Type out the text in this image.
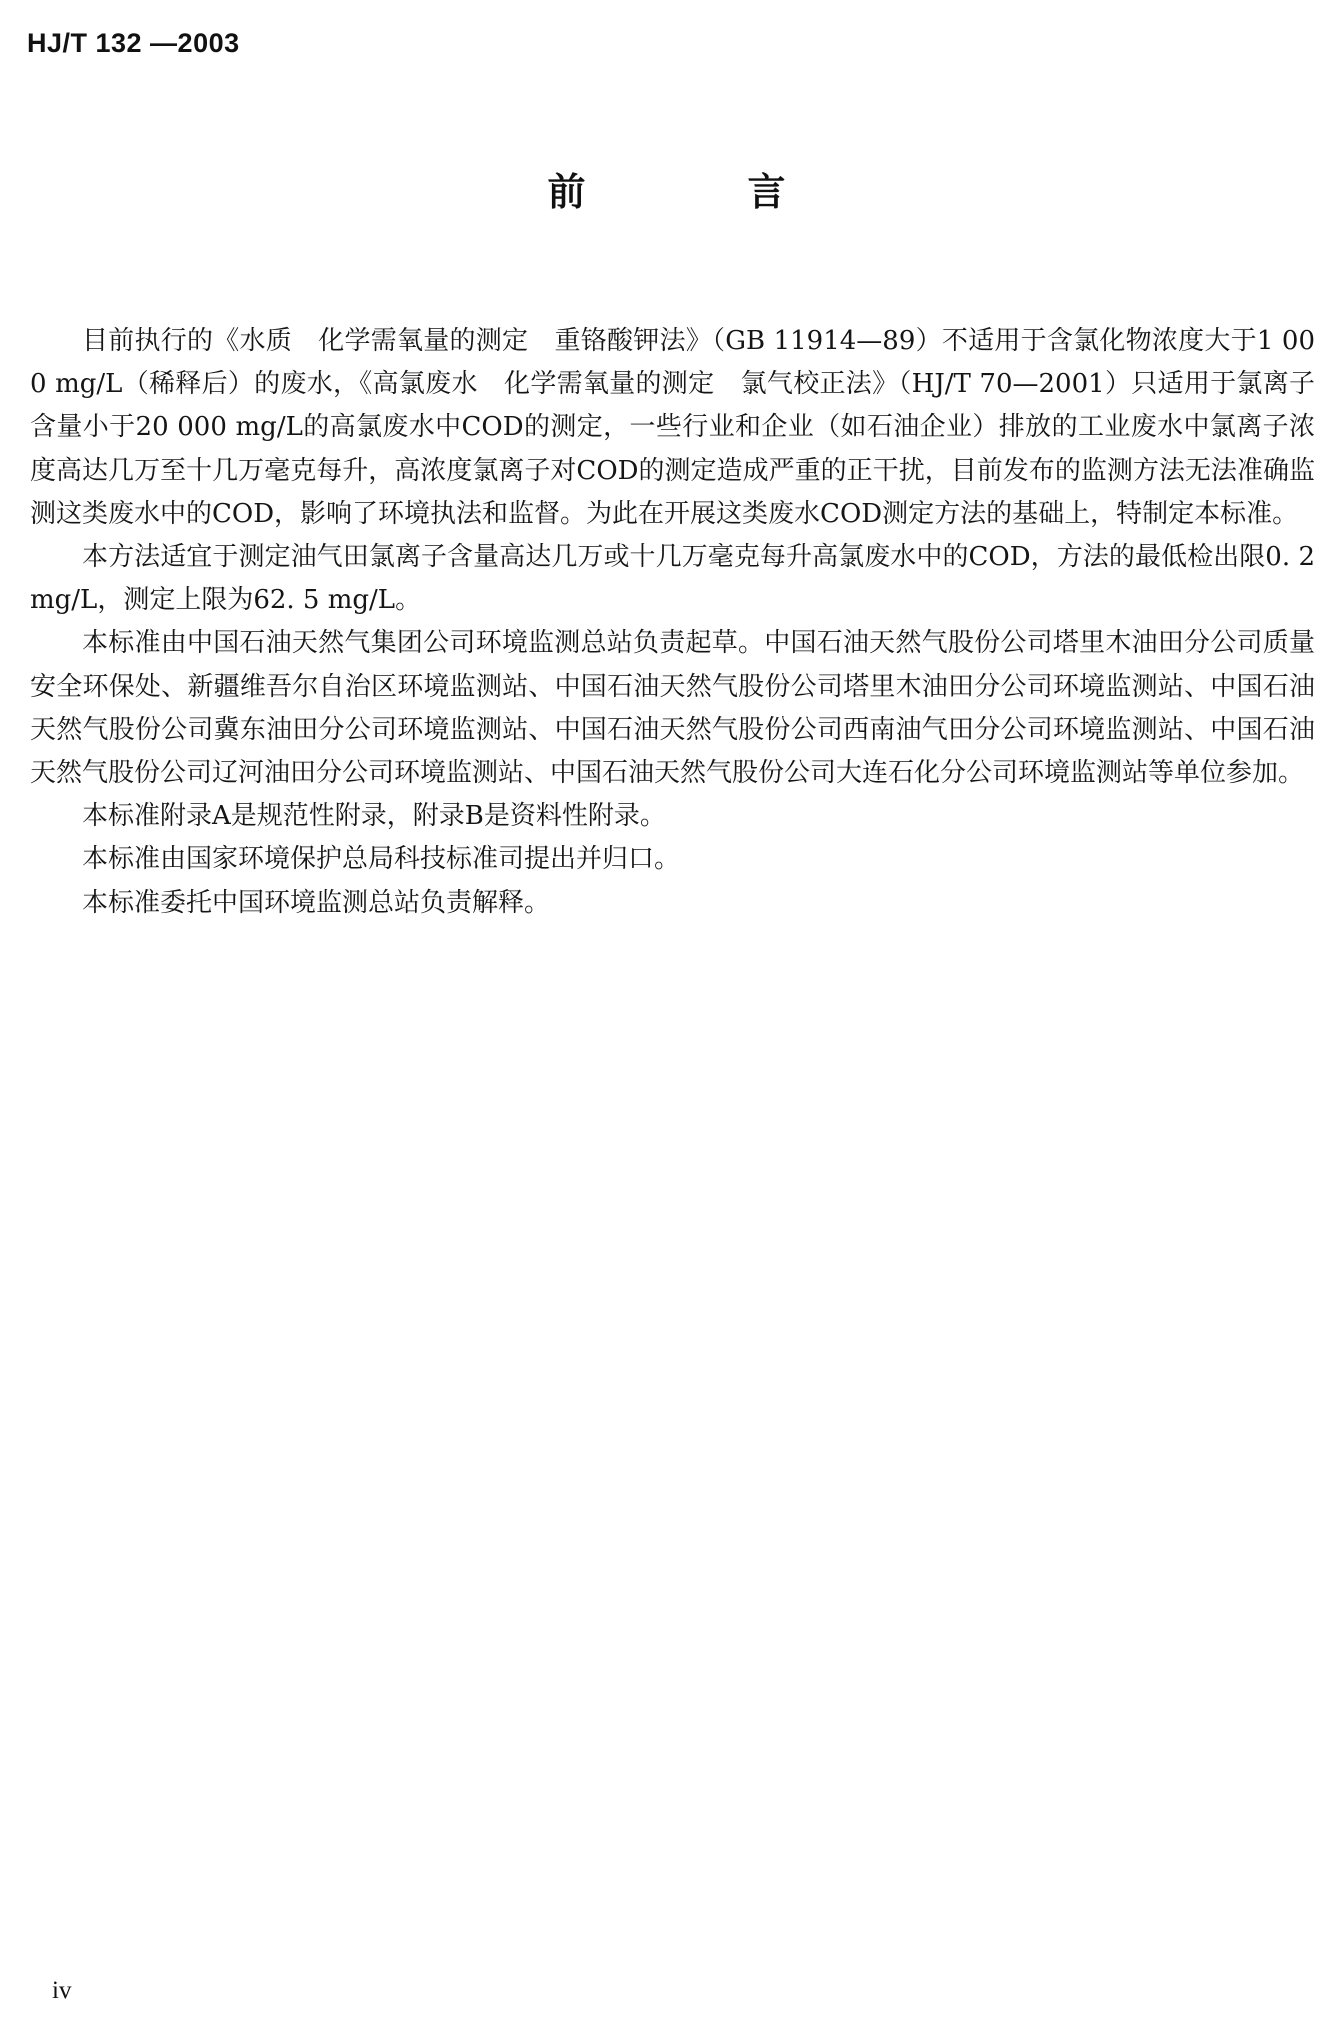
HJ/T 132 —2003
前　　　　言

目前执行的《水质　化学需氧量的测定　重铬酸钾法》（GB 11914—89）不适用于含氯化物浓度大于1 000 mg/L（稀释后）的废水，《高氯废水　化学需氧量的测定　氯气校正法》（HJ/T 70—2001）只适用于氯离子含量小于20 000 mg/L的高氯废水中COD的测定，一些行业和企业（如石油企业）排放的工业废水中氯离子浓度高达几万至十几万毫克每升，高浓度氯离子对COD的测定造成严重的正干扰，目前发布的监测方法无法准确监测这类废水中的COD，影响了环境执法和监督。为此在开展这类废水COD测定方法的基础上，特制定本标准。

本方法适宜于测定油气田氯离子含量高达几万或十几万毫克每升高氯废水中的COD，方法的最低检出限0. 2 mg/L，测定上限为62. 5 mg/L。

本标准由中国石油天然气集团公司环境监测总站负责起草。中国石油天然气股份公司塔里木油田分公司质量安全环保处、新疆维吾尔自治区环境监测站、中国石油天然气股份公司塔里木油田分公司环境监测站、中国石油天然气股份公司冀东油田分公司环境监测站、中国石油天然气股份公司西南油气田分公司环境监测站、中国石油天然气股份公司辽河油田分公司环境监测站、中国石油天然气股份公司大连石化分公司环境监测站等单位参加。

本标准附录A是规范性附录，附录B是资料性附录。

本标准由国家环境保护总局科技标准司提出并归口。

本标准委托中国环境监测总站负责解释。

iv
